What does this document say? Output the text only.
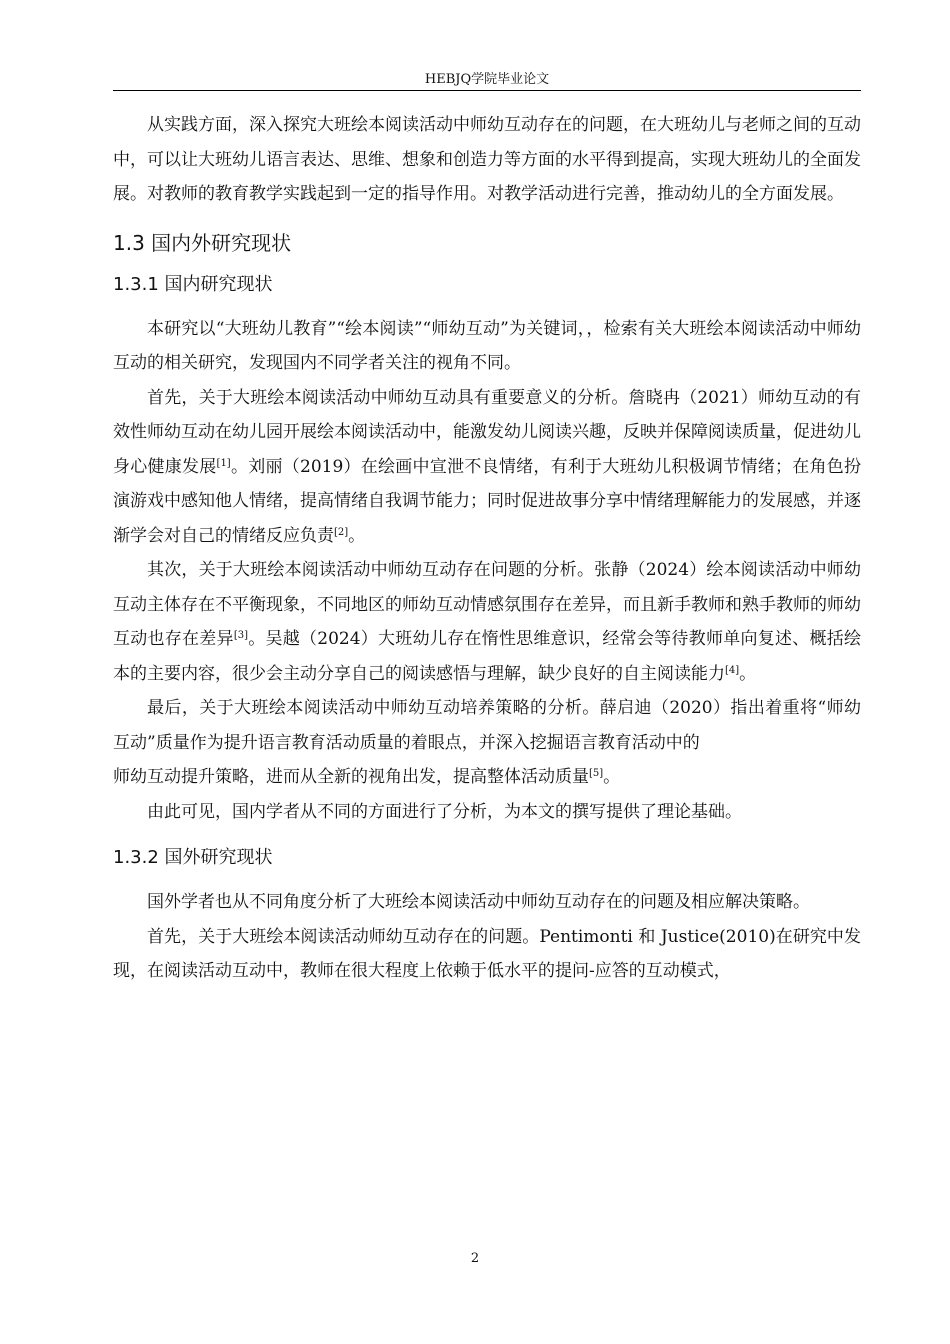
HEBJQ学院毕业论文

从实践方面，深入探究大班绘本阅读活动中师幼互动存在的问题，在大班幼儿与老师之间的互动中，可以让大班幼儿语言表达、思维、想象和创造力等方面的水平得到提高，实现大班幼儿的全面发展。对教师的教育教学实践起到一定的指导作用。对教学活动进行完善，推动幼儿的全方面发展。

1.3 国内外研究现状
1.3.1 国内研究现状

本研究以“大班幼儿教育”“绘本阅读”“师幼互动”为关键词，，检索有关大班绘本阅读活动中师幼互动的相关研究，发现国内不同学者关注的视角不同。

首先，关于大班绘本阅读活动中师幼互动具有重要意义的分析。詹晓冉（2021）师幼互动的有效性师幼互动在幼儿园开展绘本阅读活动中，能激发幼儿阅读兴趣，反映并保障阅读质量，促进幼儿身心健康发展[1]。刘丽（2019）在绘画中宣泄不良情绪，有利于大班幼儿积极调节情绪；在角色扮演游戏中感知他人情绪，提高情绪自我调节能力；同时促进故事分享中情绪理解能力的发展感，并逐渐学会对自己的情绪反应负责[2]。

其次，关于大班绘本阅读活动中师幼互动存在问题的分析。张静（2024）绘本阅读活动中师幼互动主体存在不平衡现象，不同地区的师幼互动情感氛围存在差异，而且新手教师和熟手教师的师幼互动也存在差异[3]。吴越（2024）大班幼儿存在惰性思维意识，经常会等待教师单向复述、概括绘本的主要内容，很少会主动分享自己的阅读感悟与理解，缺少良好的自主阅读能力[4]。

最后，关于大班绘本阅读活动中师幼互动培养策略的分析。薛启迪（2020）指出着重将“师幼互动”质量作为提升语言教育活动质量的着眼点，并深入挖掘语言教育活动中的

师幼互动提升策略，进而从全新的视角出发，提高整体活动质量[5]。

由此可见，国内学者从不同的方面进行了分析，为本文的撰写提供了理论基础。

1.3.2 国外研究现状

国外学者也从不同角度分析了大班绘本阅读活动中师幼互动存在的问题及相应解决策略。

首先，关于大班绘本阅读活动师幼互动存在的问题。Pentimonti 和 Justice(2010)在研究中发现，在阅读活动互动中，教师在很大程度上依赖于低水平的提问-应答的互动模式，

2
